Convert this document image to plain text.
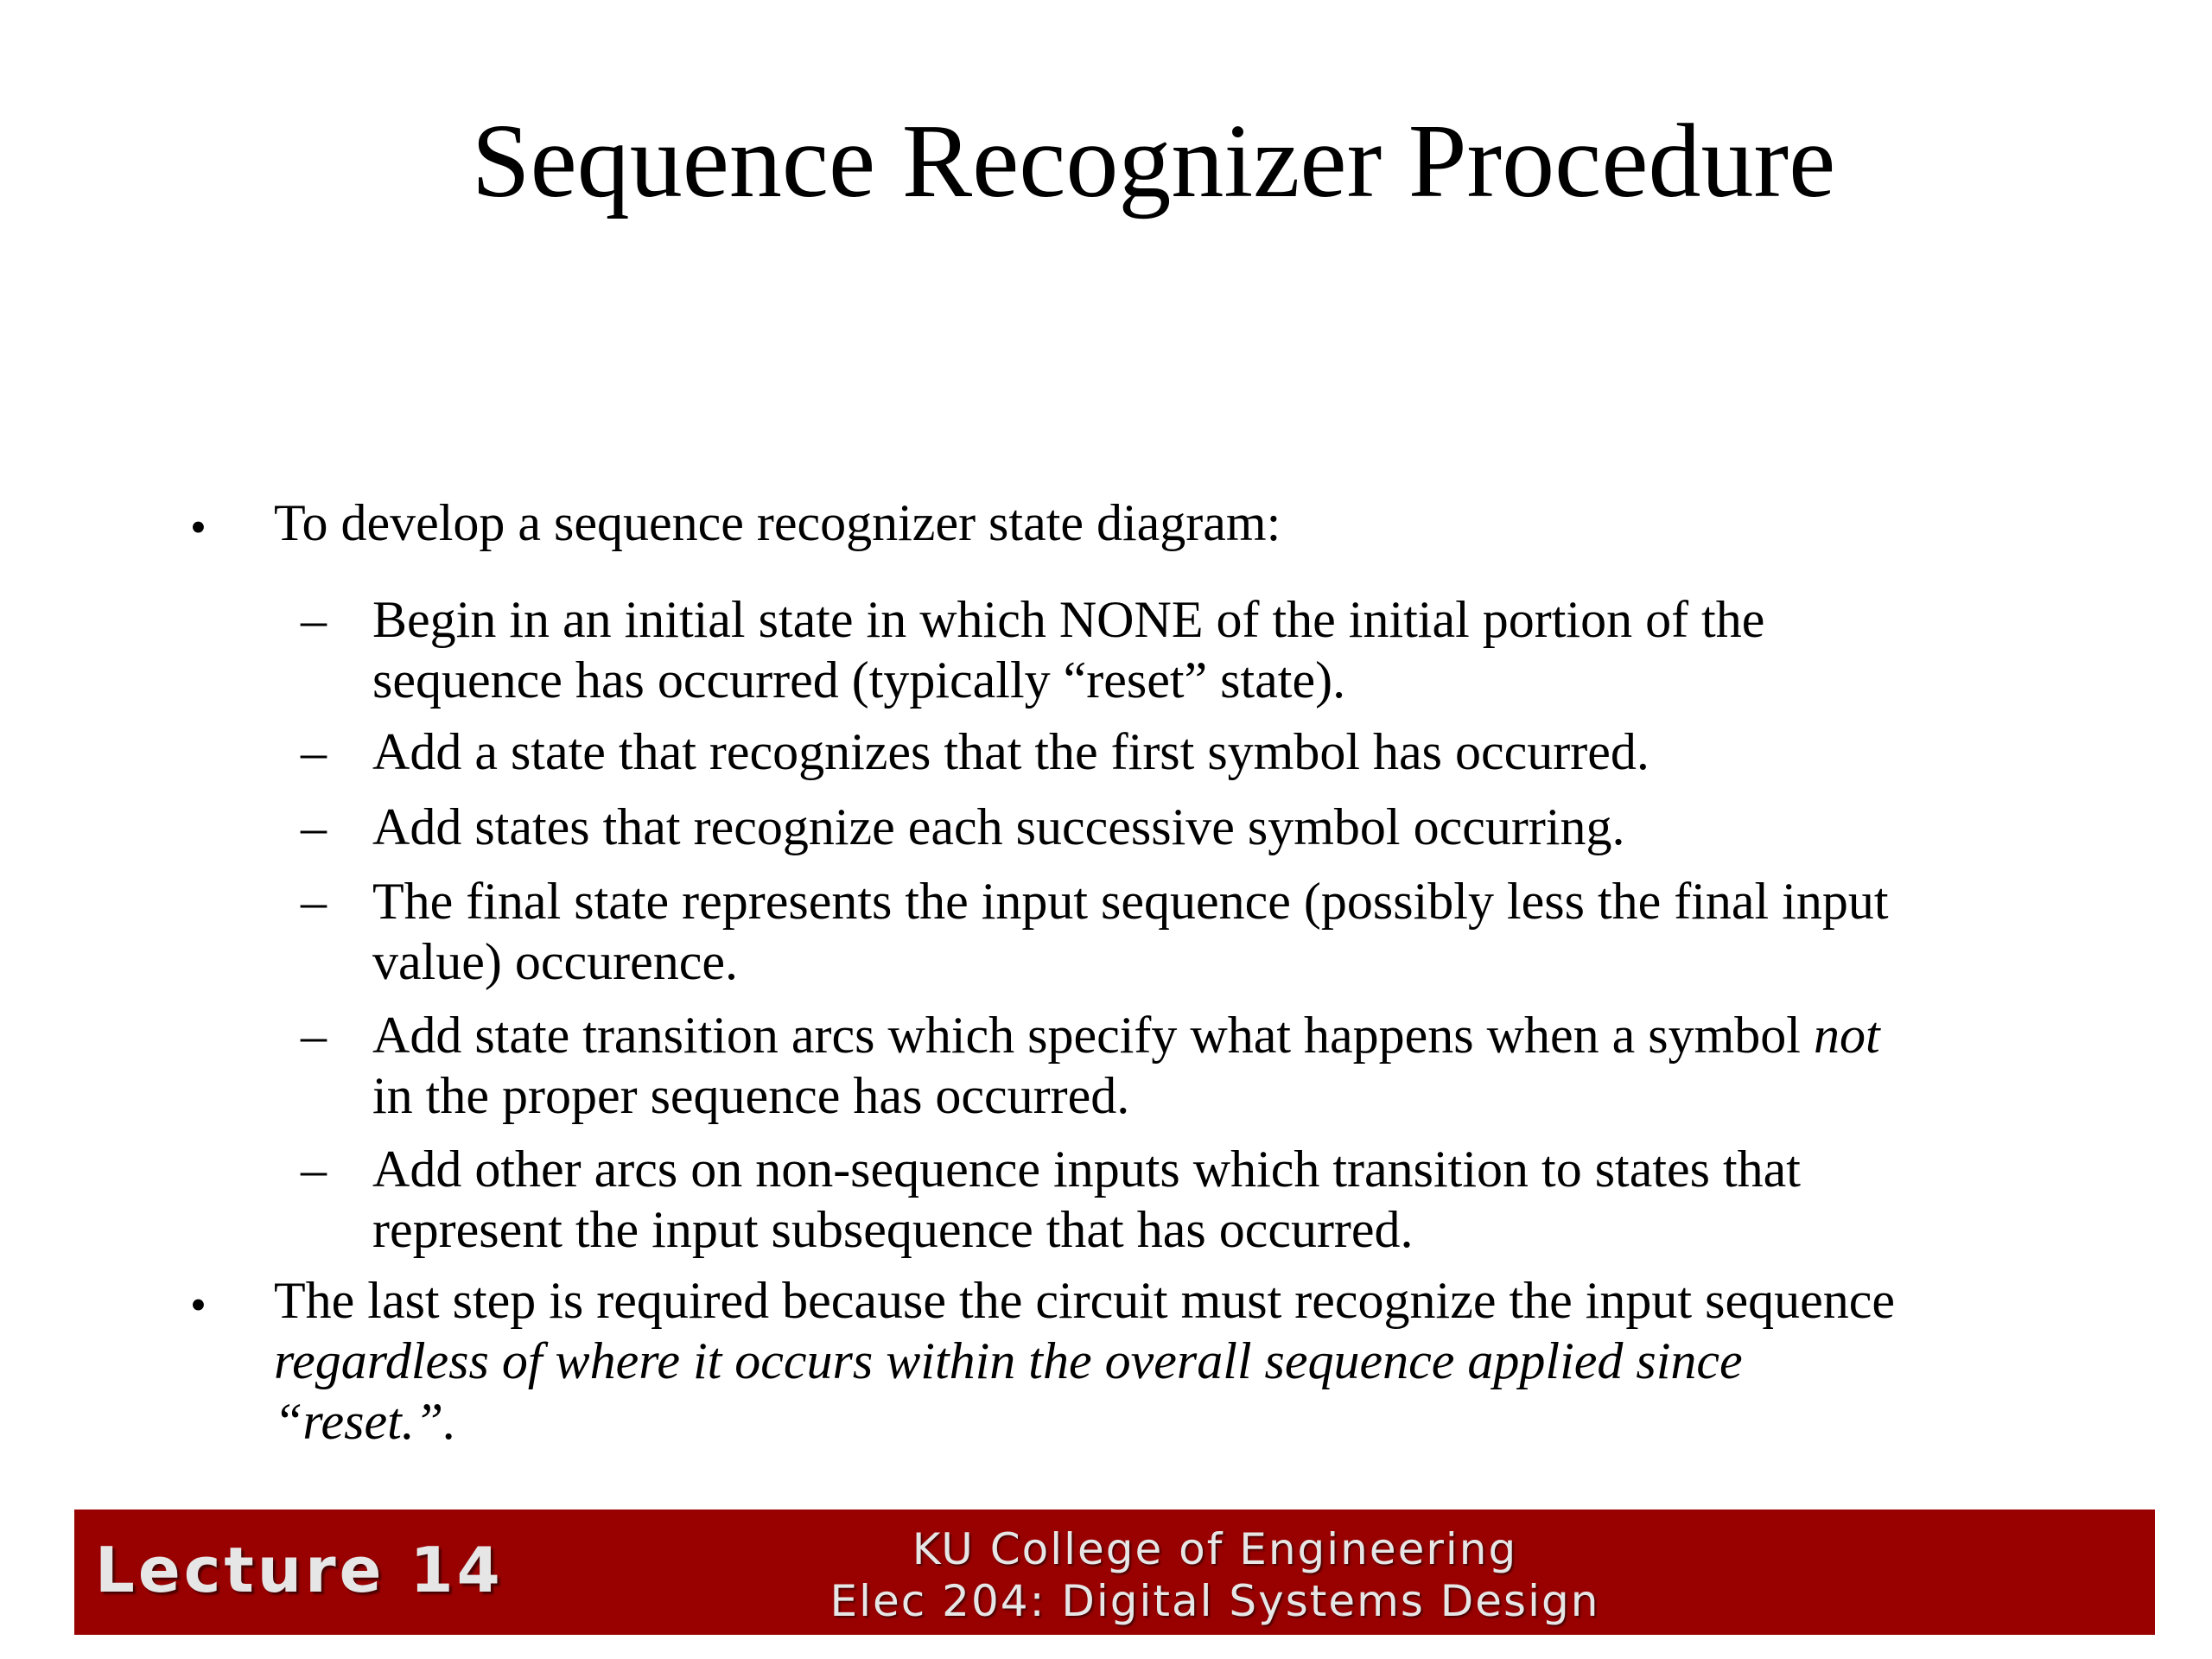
Sequence Recognizer Procedure
• To develop a sequence recognizer state diagram:
– Begin in an initial state in which NONE of the initial portion of the
sequence has occurred (typically “reset” state).
– Add a state that recognizes that the first symbol has occurred.
– Add states that recognize each successive symbol occurring.
– The final state represents the input sequence (possibly less the final input
value) occurence.
– Add state transition arcs which specify what happens when a symbol not
in the proper sequence has occurred.
– Add other arcs on non-sequence inputs which transition to states that
represent the input subsequence that has occurred.
• The last step is required because the circuit must recognize the input sequence
regardless of where it occurs within the overall sequence applied since
“reset.”.
Lecture 14	KU College of Engineering
Elec 204: Digital Systems Design
